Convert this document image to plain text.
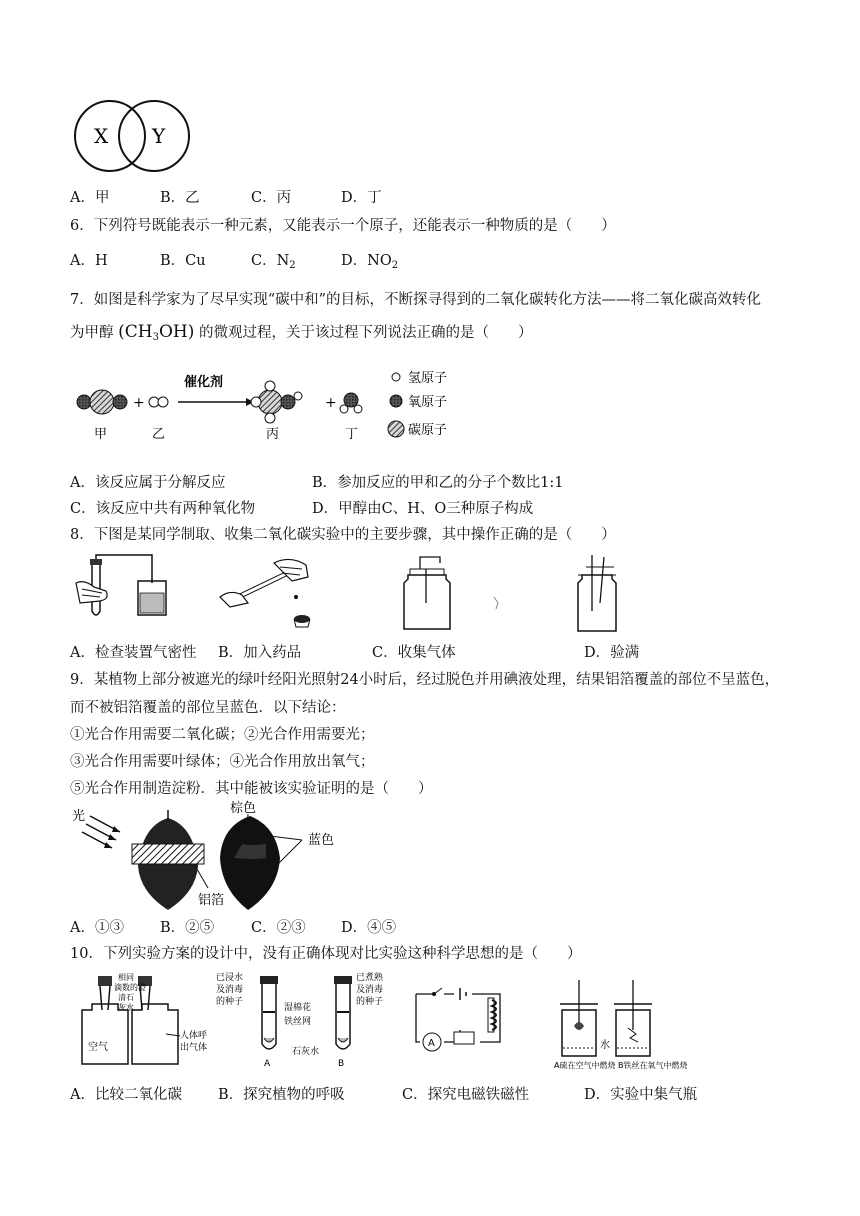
X Y
A．甲	B．乙	C．丙	D．丁
6．下列符号既能表示一种元素，又能表示一个原子，还能表示一种物质的是（　　）
A．H	B．Cu	C．$N_2$	D．$NO_2$
7．如图是科学家为了尽早实现“碳中和”的目标，不断探寻得到的二氧化碳转化方法——将二氧化碳高效转化
为甲醇 $(CH_3OH)$ 的微观过程，关于该过程下列说法正确的是（　　）
+
催化剂
+
甲	乙	丙	丁
氢原子
氧原子
碳原子
A．该反应属于分解反应	B．参加反应的甲和乙的分子个数比1:1
C．该反应中共有两种氧化物	D．甲醇由C、H、O三种原子构成
8．下图是某同学制取、收集二氧化碳实验中的主要步骤，其中操作正确的是（　　）
A．检查装置气密性 B．加入药品	C．收集气体	D．验满
9．某植物上部分被遮光的绿叶经阳光照射24小时后，经过脱色并用碘液处理，结果铝箔覆盖的部位不呈蓝色，
而不被铝箔覆盖的部位呈蓝色．以下结论：
①光合作用需要二氧化碳；②光合作用需要光；
③光合作用需要叶绿体；④光合作用放出氧气；
⑤光合作用制造淀粉．其中能被该实验证明的是（　　）
光
铝箔
棕色
蓝色
A．①③ B．②⑤	C．②③ D．④⑤
10．下列实验方案的设计中，没有正确体现对比实验这种科学思想的是（　　）
空气
相同
滴数的澄
清石
灰水
人体呼
出气体
已浸水
及消毒
的种子
湿棉花
铁丝网
已煮熟
及消毒
的种子
石灰水
A	B
A	水
A硫在空气中燃烧 B铁丝在氧气中燃烧
A．比较二氧化碳 B．探究植物的呼吸	C．探究电磁铁磁性	D．实验中集气瓶
